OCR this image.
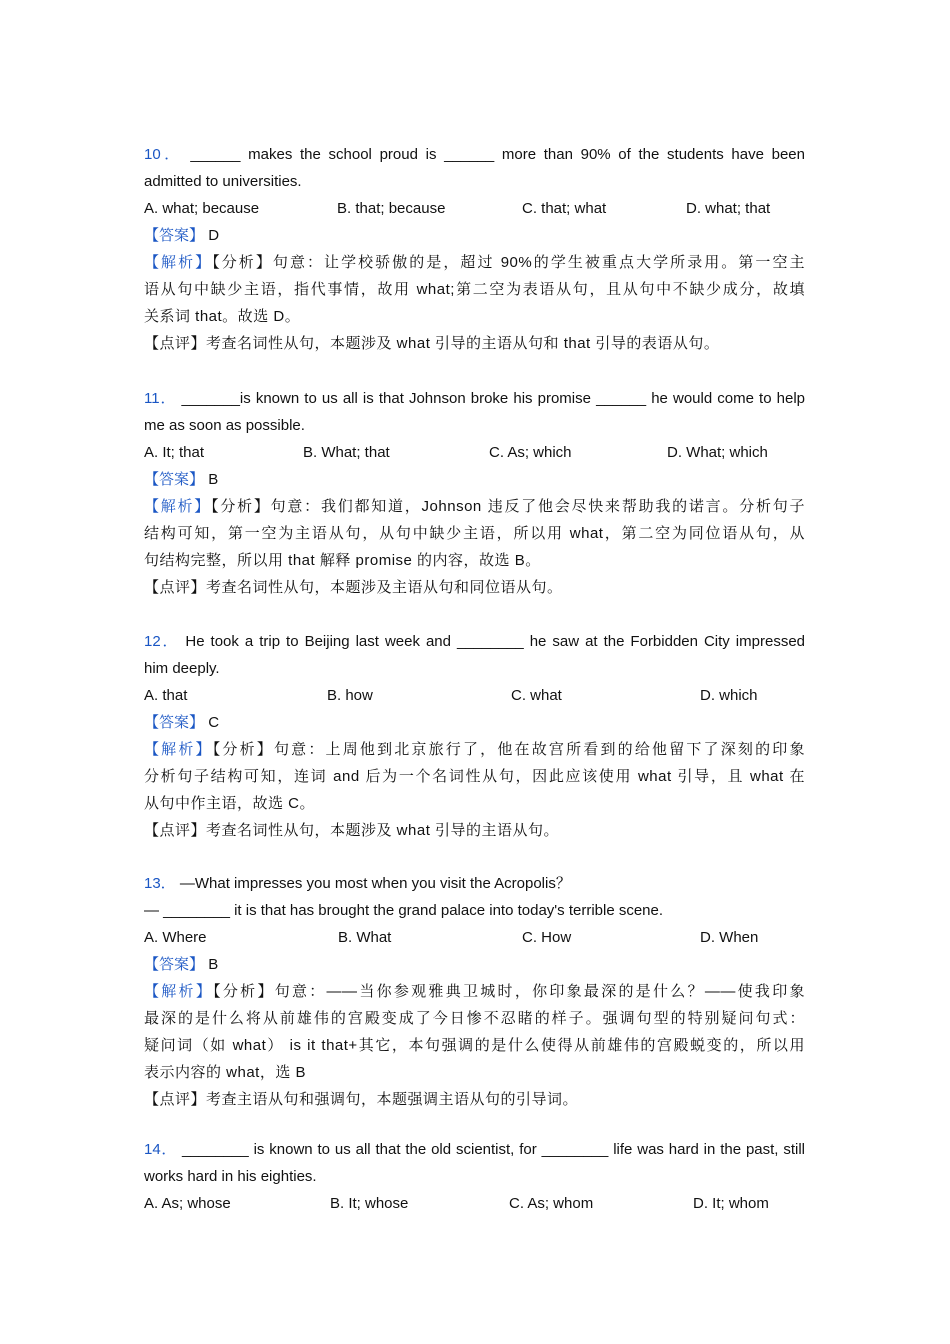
10． ______ makes the school proud is ______ more than 90% of the students have been
admitted to universities.
A. what; because	B. that; because	C. that; what	D. what; that
【答案】 D
【解析】【分析】句意：让学校骄傲的是，超过 90%的学生被重点大学所录用。第一空主
语从句中缺少主语，指代事情，故用 what;第二空为表语从句，且从句中不缺少成分，故填
关系词 that。故选 D。
【点评】考查名词性从句，本题涉及 what 引导的主语从句和 that 引导的表语从句。
11． _______is known to us all is that Johnson broke his promise ______ he would come to help
me as soon as possible.
A. It; that	B. What; that	C. As; which	D. What; which
【答案】 B
【解析】【分析】句意：我们都知道，Johnson 违反了他会尽快来帮助我的诺言。分析句子
结构可知，第一空为主语从句，从句中缺少主语，所以用 what，第二空为同位语从句，从
句结构完整，所以用 that 解释 promise 的内容，故选 B。
【点评】考查名词性从句，本题涉及主语从句和同位语从句。
12． He took a trip to Beijing last week and ________ he saw at the Forbidden City impressed
him deeply.
A. that	B. how	C. what	D. which
【答案】 C
【解析】【分析】句意：上周他到北京旅行了，他在故宫所看到的给他留下了深刻的印象
分析句子结构可知，连词 and 后为一个名词性从句，因此应该使用 what 引导，且 what 在
从句中作主语，故选 C。
【点评】考查名词性从句，本题涉及 what 引导的主语从句。
13． —What impresses you most when you visit the Acropolis？
— ________ it is that has brought the grand palace into today's terrible scene.
A. Where	B. What	C. How	D. When
【答案】 B
【解析】【分析】句意：——当你参观雅典卫城时，你印象最深的是什么？——使我印象
最深的是什么将从前雄伟的宫殿变成了今日惨不忍睹的样子。强调句型的特别疑问句式：
疑问词（如 what） is it that+其它，本句强调的是什么使得从前雄伟的宫殿蜕变的，所以用
表示内容的 what，选 B
【点评】考查主语从句和强调句，本题强调主语从句的引导词。
14． ________ is known to us all that the old scientist, for ________ life was hard in the past, still
works hard in his eighties.
A. As; whose	B. It; whose	C. As; whom	D. It; whom
